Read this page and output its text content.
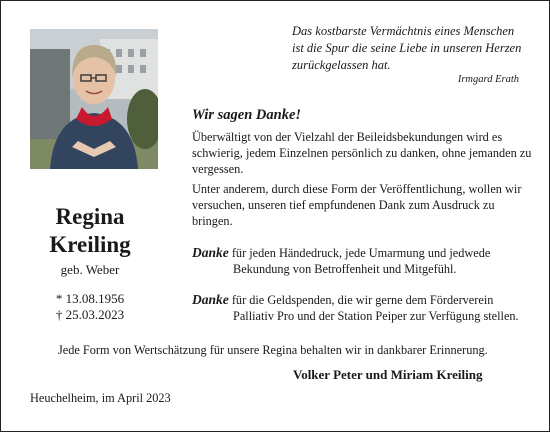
Regina
Kreiling
geb. Weber
* 13.08.1956
† 25.03.2023
Das kostbarste Vermächtnis eines Menschen
ist die Spur die seine Liebe in unseren Herzen
zurückgelassen hat.
Irmgard Erath
Wir sagen Danke!
Überwältigt von der Vielzahl der Beileidsbekundungen wird es schwierig, jedem Einzelnen persönlich zu danken, ohne jemanden zu vergessen.
Unter anderem, durch diese Form der Veröffentlichung, wollen wir versuchen, unseren tief empfundenen Dank zum Ausdruck zu bringen.
Danke für jeden Händedruck, jede Umarmung und jedwede
Bekundung von Betroffenheit und Mitgefühl.
Danke für die Geldspenden, die wir gerne dem Förderverein
Palliativ Pro und der Station Peiper zur Verfügung stellen.
Jede Form von Wertschätzung für unsere Regina behalten wir in dankbarer Erinnerung.
Volker Peter und Miriam Kreiling
Heuchelheim, im April 2023
